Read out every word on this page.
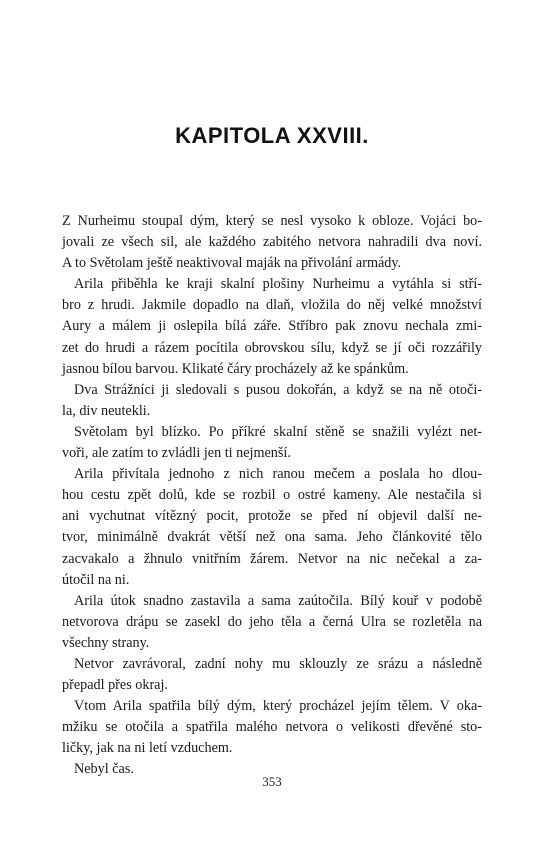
KAPITOLA XXVIII.
Z Nurheimu stoupal dým, který se nesl vysoko k obloze. Vojáci bo-
jovali ze všech sil, ale každého zabitého netvora nahradili dva noví.
A to Světolam ještě neaktivoval maják na přivolání armády.
Arila přiběhla ke kraji skalní plošiny Nurheimu a vytáhla si stří-
bro z hrudi. Jakmile dopadlo na dlaň, vložila do něj velké množství
Aury a málem ji oslepila bílá záře. Stříbro pak znovu nechala zmi-
zet do hrudi a rázem pocítila obrovskou sílu, když se jí oči rozzářily
jasnou bílou barvou. Klikaté čáry procházely až ke spánkům.
Dva Strážníci ji sledovali s pusou dokořán, a když se na ně otoči-
la, div neutekli.
Světolam byl blízko. Po příkré skalní stěně se snažili vylézt net-
voři, ale zatím to zvládli jen ti nejmenší.
Arila přivítala jednoho z nich ranou mečem a poslala ho dlou-
hou cestu zpět dolů, kde se rozbil o ostré kameny. Ale nestačila si
ani vychutnat vítězný pocit, protože se před ní objevil další ne-
tvor, minimálně dvakrát větší než ona sama. Jeho článkovité tělo
zacvakalo a žhnulo vnitřním žárem. Netvor na nic nečekal a za-
útočil na ni.
Arila útok snadno zastavila a sama zaútočila. Bílý kouř v podobě
netvorova drápu se zasekl do jeho těla a černá Ulra se rozletěla na
všechny strany.
Netvor zavrávoral, zadní nohy mu sklouzly ze srázu a následně
přepadl přes okraj.
Vtom Arila spatřila bílý dým, který procházel jejím tělem. V oka-
mžiku se otočila a spatřila malého netvora o velikosti dřevěné sto-
ličky, jak na ni letí vzduchem.
Nebyl čas.
353
